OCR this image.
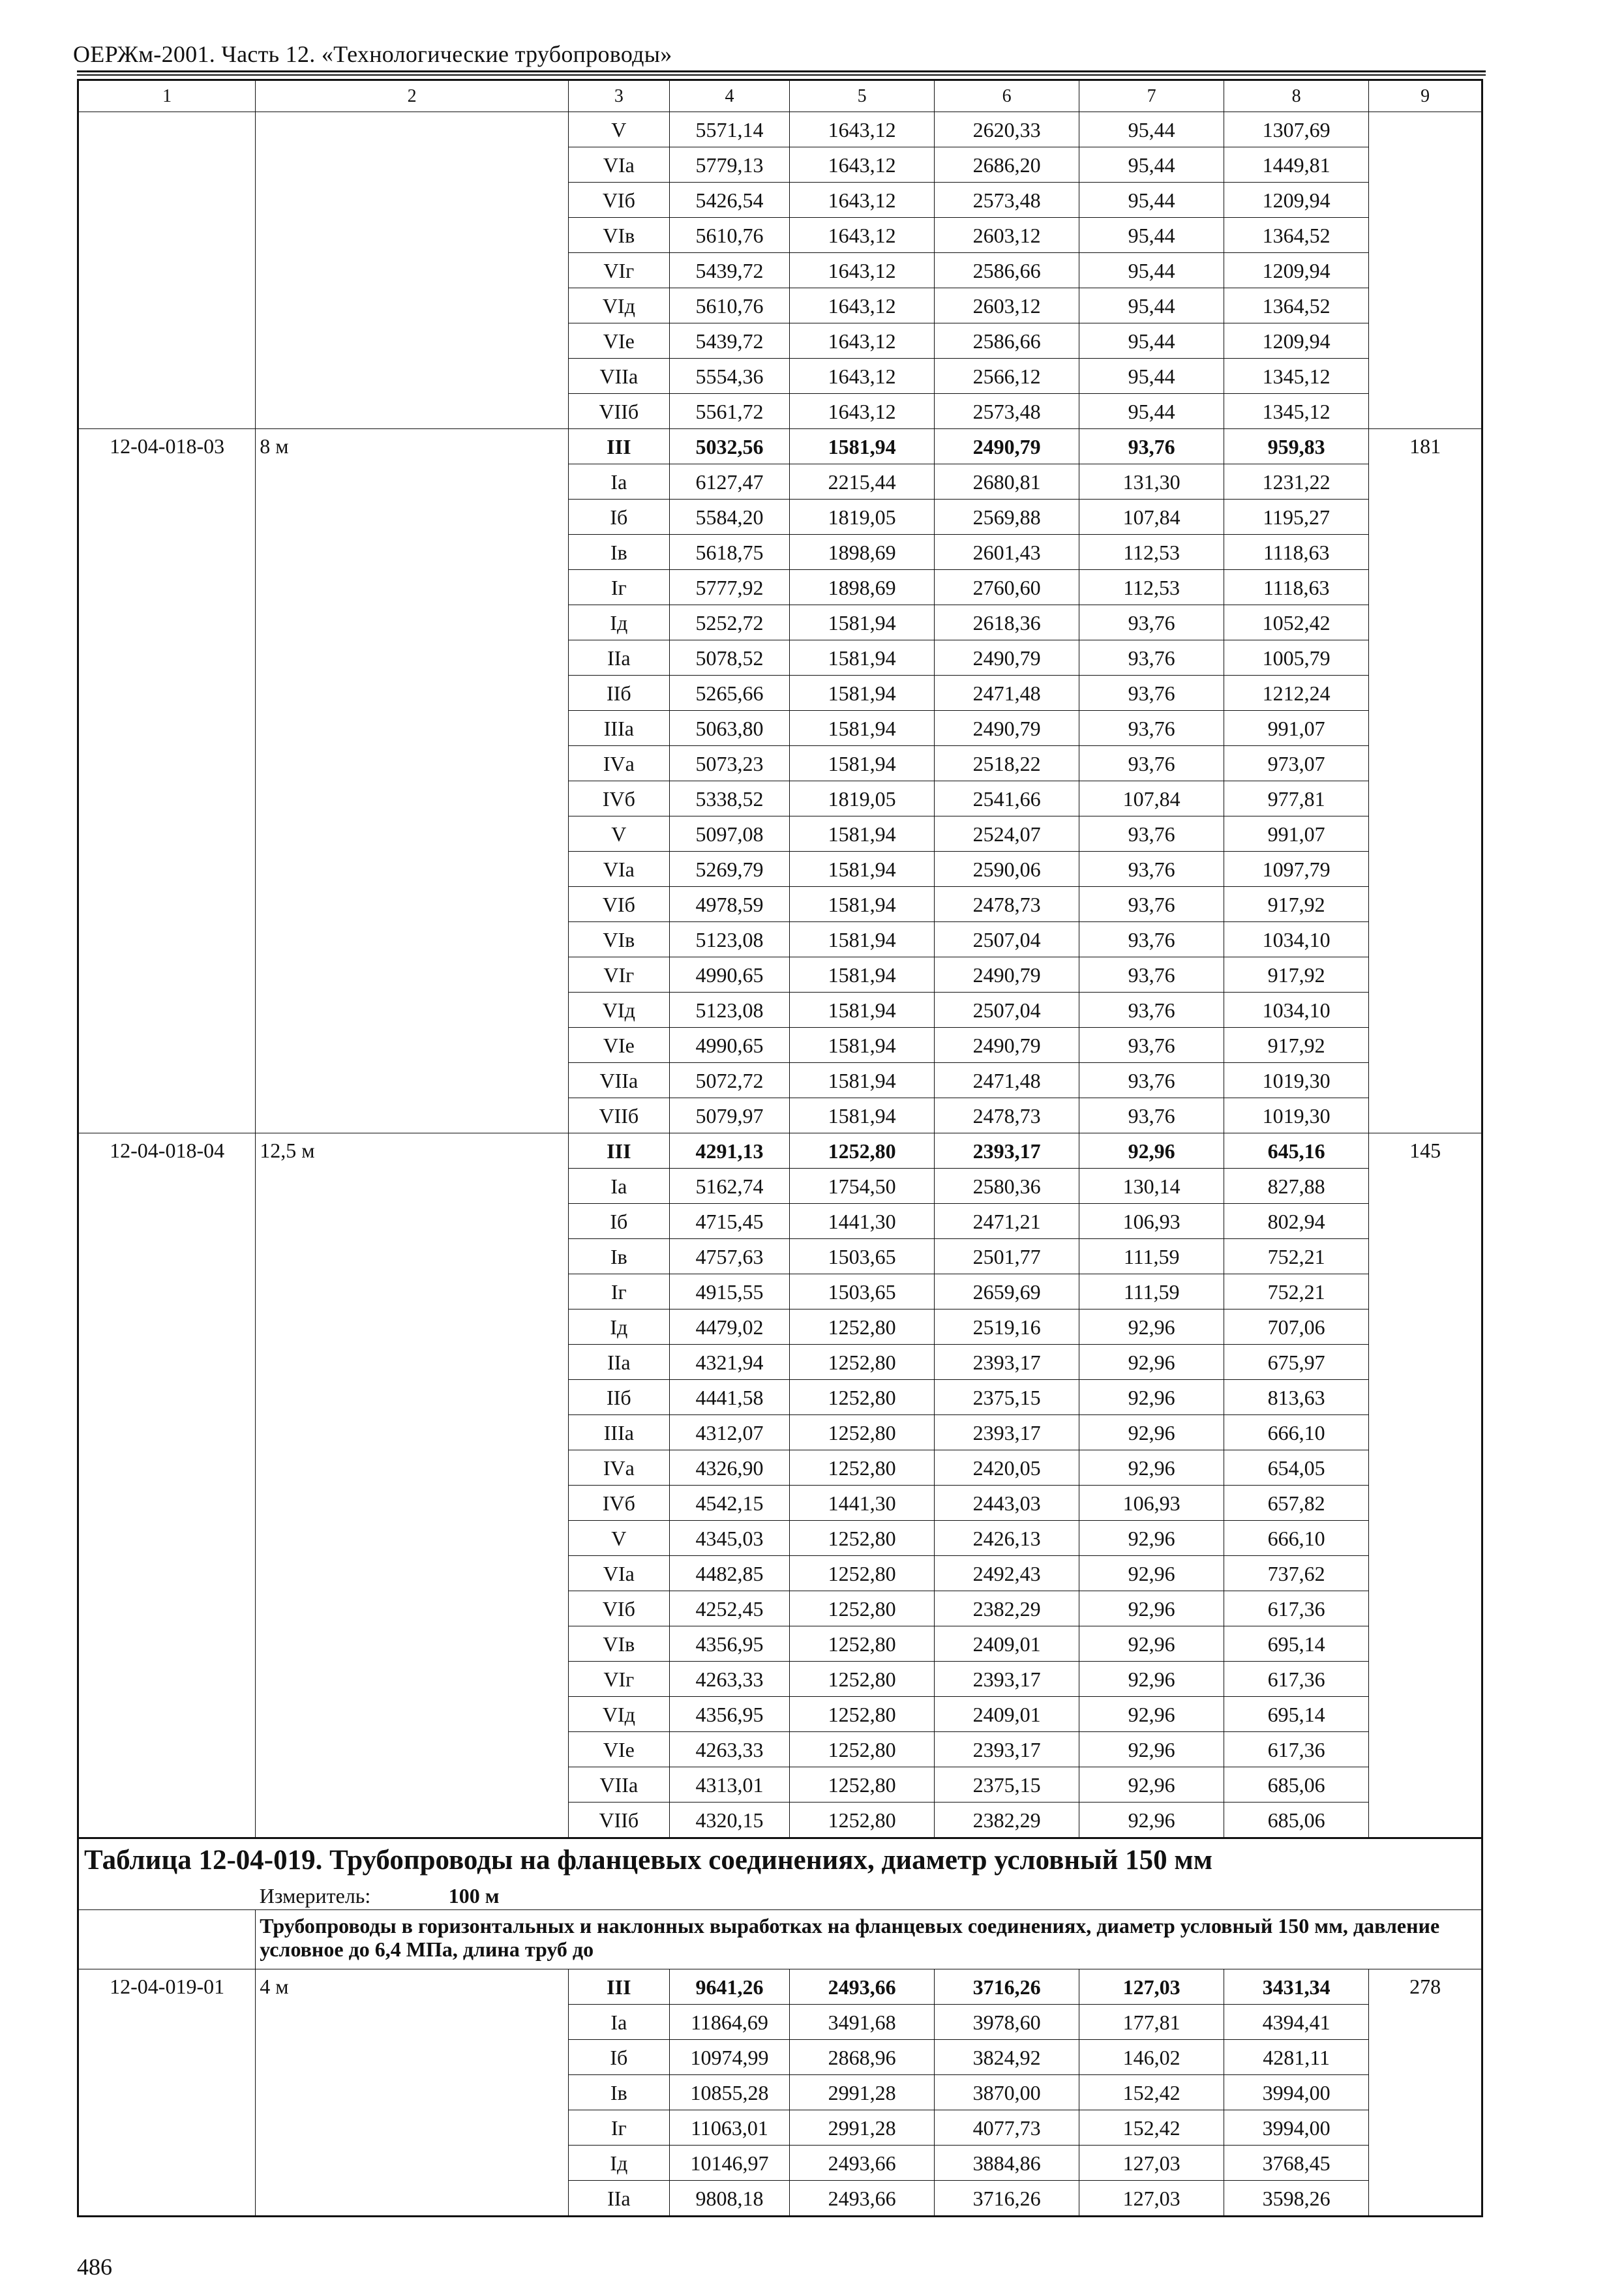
ОЕРЖм-2001. Часть 12. «Технологические трубопроводы»
1	2	3	4	5	6	7	8	9
		V	5571,14	1643,12	2620,33	95,44	1307,69	
		VIа	5779,13	1643,12	2686,20	95,44	1449,81	
		VIб	5426,54	1643,12	2573,48	95,44	1209,94	
		VIв	5610,76	1643,12	2603,12	95,44	1364,52	
		VIг	5439,72	1643,12	2586,66	95,44	1209,94	
		VIд	5610,76	1643,12	2603,12	95,44	1364,52	
		VIе	5439,72	1643,12	2586,66	95,44	1209,94	
		VIIа	5554,36	1643,12	2566,12	95,44	1345,12	
		VIIб	5561,72	1643,12	2573,48	95,44	1345,12	
12-04-018-03	8 м	III	5032,56	1581,94	2490,79	93,76	959,83	181
		Iа	6127,47	2215,44	2680,81	131,30	1231,22	
		Iб	5584,20	1819,05	2569,88	107,84	1195,27	
		Iв	5618,75	1898,69	2601,43	112,53	1118,63	
		Iг	5777,92	1898,69	2760,60	112,53	1118,63	
		Iд	5252,72	1581,94	2618,36	93,76	1052,42	
		IIа	5078,52	1581,94	2490,79	93,76	1005,79	
		IIб	5265,66	1581,94	2471,48	93,76	1212,24	
		IIIа	5063,80	1581,94	2490,79	93,76	991,07	
		IVа	5073,23	1581,94	2518,22	93,76	973,07	
		IVб	5338,52	1819,05	2541,66	107,84	977,81	
		V	5097,08	1581,94	2524,07	93,76	991,07	
		VIа	5269,79	1581,94	2590,06	93,76	1097,79	
		VIб	4978,59	1581,94	2478,73	93,76	917,92	
		VIв	5123,08	1581,94	2507,04	93,76	1034,10	
		VIг	4990,65	1581,94	2490,79	93,76	917,92	
		VIд	5123,08	1581,94	2507,04	93,76	1034,10	
		VIе	4990,65	1581,94	2490,79	93,76	917,92	
		VIIа	5072,72	1581,94	2471,48	93,76	1019,30	
		VIIб	5079,97	1581,94	2478,73	93,76	1019,30	
12-04-018-04	12,5 м	III	4291,13	1252,80	2393,17	92,96	645,16	145
		Iа	5162,74	1754,50	2580,36	130,14	827,88	
		Iб	4715,45	1441,30	2471,21	106,93	802,94	
		Iв	4757,63	1503,65	2501,77	111,59	752,21	
		Iг	4915,55	1503,65	2659,69	111,59	752,21	
		Iд	4479,02	1252,80	2519,16	92,96	707,06	
		IIа	4321,94	1252,80	2393,17	92,96	675,97	
		IIб	4441,58	1252,80	2375,15	92,96	813,63	
		IIIа	4312,07	1252,80	2393,17	92,96	666,10	
		IVа	4326,90	1252,80	2420,05	92,96	654,05	
		IVб	4542,15	1441,30	2443,03	106,93	657,82	
		V	4345,03	1252,80	2426,13	92,96	666,10	
		VIа	4482,85	1252,80	2492,43	92,96	737,62	
		VIб	4252,45	1252,80	2382,29	92,96	617,36	
		VIв	4356,95	1252,80	2409,01	92,96	695,14	
		VIг	4263,33	1252,80	2393,17	92,96	617,36	
		VIд	4356,95	1252,80	2409,01	92,96	695,14	
		VIе	4263,33	1252,80	2393,17	92,96	617,36	
		VIIа	4313,01	1252,80	2375,15	92,96	685,06	
		VIIб	4320,15	1252,80	2382,29	92,96	685,06	
Таблица 12-04-019. Трубопроводы на фланцевых соединениях, диаметр условный 150 мм								
	Измеритель: 100 м							
	Трубопроводы в горизонтальных и наклонных выработках на фланцевых соединениях, диаметр условный 150 мм, давление условное до 6,4 МПа, длина труб до							
12-04-019-01	4 м	III	9641,26	2493,66	3716,26	127,03	3431,34	278
		Iа	11864,69	3491,68	3978,60	177,81	4394,41	
		Iб	10974,99	2868,96	3824,92	146,02	4281,11	
		Iв	10855,28	2991,28	3870,00	152,42	3994,00	
		Iг	11063,01	2991,28	4077,73	152,42	3994,00	
		Iд	10146,97	2493,66	3884,86	127,03	3768,45	
		IIа	9808,18	2493,66	3716,26	127,03	3598,26	
486
